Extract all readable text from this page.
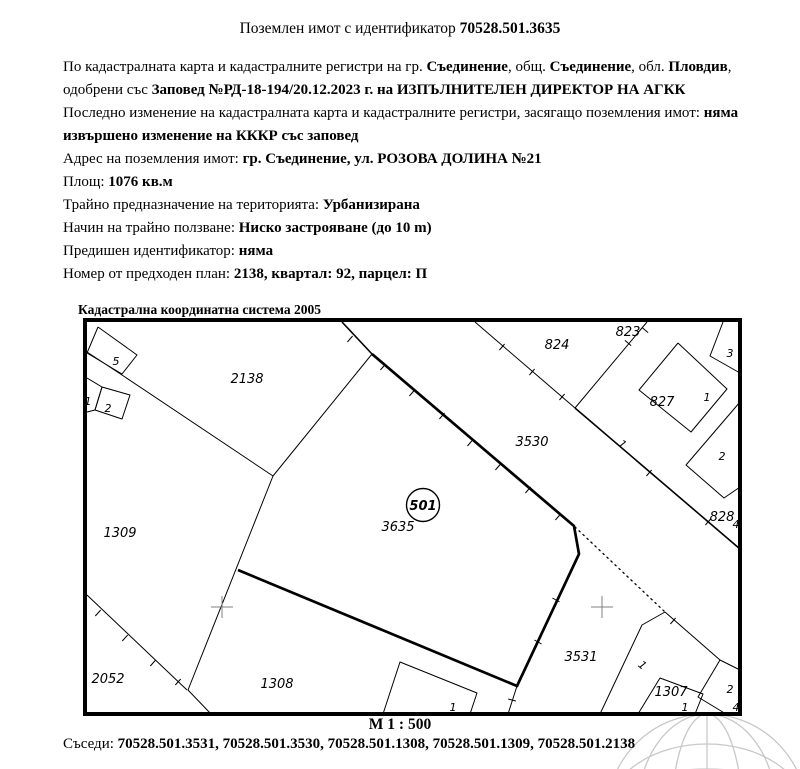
Поземлен имот с идентификатор 70528.501.3635

По кадастралната карта и кадастралните регистри на гр. Съединение, общ. Съединение, обл. Пловдив, одобрени със Заповед №РД-18-194/20.12.2023 г. на ИЗПЪЛНИТЕЛЕН ДИРЕКТОР НА АГКК

Последно изменение на кадастралната карта и кадастралните регистри, засягащо поземления имот: няма извършено изменение на КККР със заповед

Адрес на поземления имот: гр. Съединение, ул. РОЗОВА ДОЛИНА №21

Площ: 1076 кв.м

Трайно предназначение на територията: Урбанизирана

Начин на трайно ползване: Ниско застрояване (до 10 m)

Предишен идентификатор: няма

Номер от предходен план: 2138, квартал: 92, парцел: П

Кадастрална координатна система 2005
2138
1309
2052	1308
3635
3530
3531
824
823
827
828
1307
5
1
2
3
1
2
4
1	1
2
4
1
1
501
М 1 : 500
Съседи: 70528.501.3531, 70528.501.3530, 70528.501.1308, 70528.501.1309, 70528.501.2138
